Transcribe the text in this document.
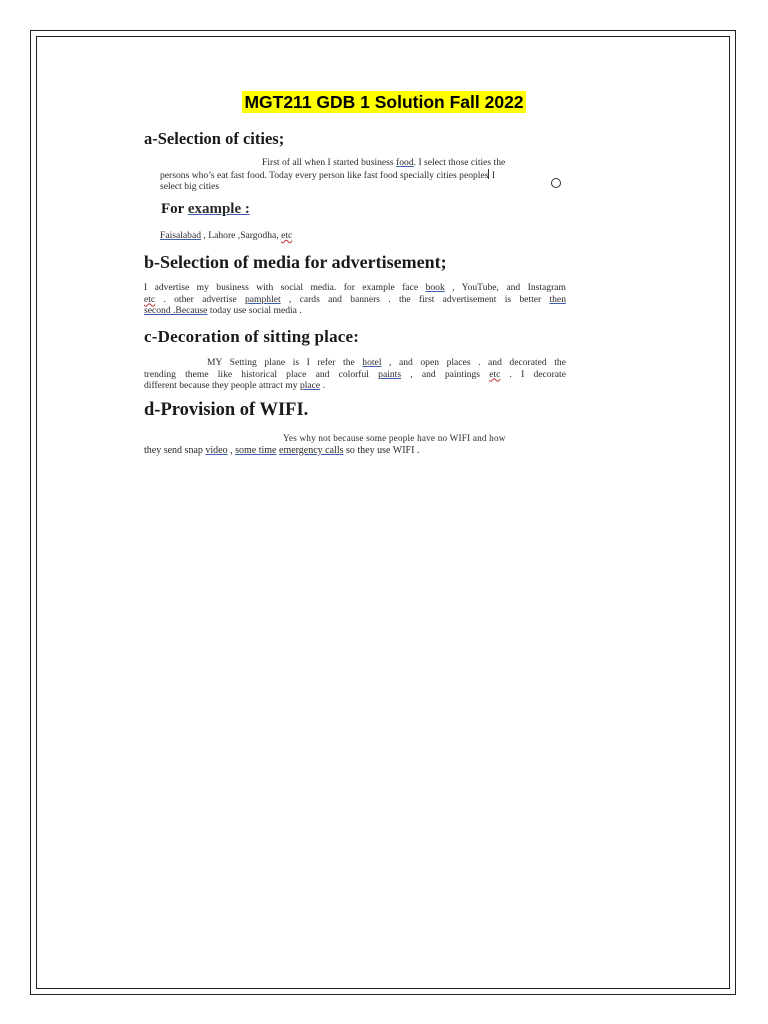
MGT211 GDB 1 Solution Fall 2022
a-Selection of cities;
First of all when I started business food. I select those cities the
persons who’s eat fast food. Today every person like fast food specially cities peoples I
select big cities
For example :
Faisalabad , Lahore ,Sargodha, etc
b-Selection of media for advertisement;
I advertise my business with social media. for example face book , YouTube, and Instagram
etc . other advertise pamphlet , cards and banners . the first advertisement is better then
second .Because today use social media .
c-Decoration of sitting place:
MY Setting plane is I refer the hotel , and open places . and decorated the
trending theme like historical place and colorful paints , and paintings etc . I decorate
different because they people attract my place .
d-Provision of WIFI.
Yes why not because some people have no WIFI and how
they send snap video , some time emergency calls so they use WIFI .
